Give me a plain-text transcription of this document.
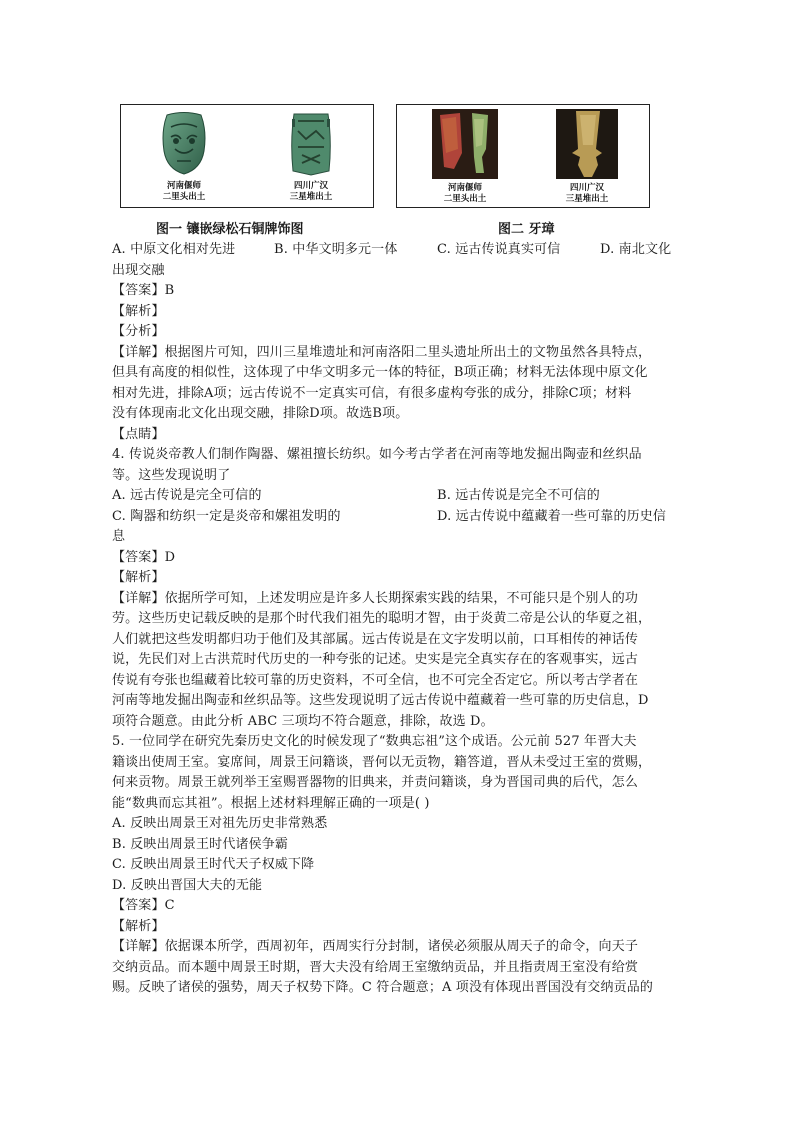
河南偃师
二里头出土
四川广汉
三星堆出土
河南偃师
二里头出土
四川广汉
三星堆出土
图一 镶嵌绿松石铜牌饰图	图二 牙璋
A. 中原文化相对先进	B. 中华文明多元一体	C. 远古传说真实可信	D. 南北文化
出现交融
【答案】B
【解析】
【分析】
【详解】根据图片可知，四川三星堆遗址和河南洛阳二里头遗址所出土的文物虽然各具特点，
但具有高度的相似性，这体现了中华文明多元一体的特征，B项正确；材料无法体现中原文化
相对先进，排除A项；远古传说不一定真实可信，有很多虚构夸张的成分，排除C项；材料
没有体现南北文化出现交融，排除D项。故选B项。
【点睛】
4. 传说炎帝教人们制作陶器、嫘祖擅长纺织。如今考古学者在河南等地发掘出陶壶和丝织品
等。这些发现说明了
A. 远古传说是完全可信的	B. 远古传说是完全不可信的
C. 陶器和纺织一定是炎帝和嫘祖发明的	D. 远古传说中蕴藏着一些可靠的历史信
息
【答案】D
【解析】
【详解】依据所学可知，上述发明应是许多人长期探索实践的结果，不可能只是个别人的功
劳。这些历史记载反映的是那个时代我们祖先的聪明才智，由于炎黄二帝是公认的华夏之祖，
人们就把这些发明都归功于他们及其部属。远古传说是在文字发明以前，口耳相传的神话传
说，先民们对上古洪荒时代历史的一种夸张的记述。史实是完全真实存在的客观事实，远古
传说有夸张也缊藏着比较可靠的历史资料，不可全信，也不可完全否定它。所以考古学者在
河南等地发掘出陶壶和丝织品等。这些发现说明了远古传说中蕴藏着一些可靠的历史信息，D
项符合题意。由此分析 ABC 三项均不符合题意，排除，故选 D。
5. 一位同学在研究先秦历史文化的时候发现了“数典忘祖”这个成语。公元前 527 年晋大夫
籍谈出使周王室。宴席间，周景王问籍谈，晋何以无贡物，籍答道，晋从未受过王室的赏赐，
何来贡物。周景王就列举王室赐晋器物的旧典来，并责问籍谈，身为晋国司典的后代，怎么
能“数典而忘其祖”。根据上述材料理解正确的一项是( )
A. 反映出周景王对祖先历史非常熟悉
B. 反映出周景王时代诸侯争霸
C. 反映出周景王时代天子权威下降
D. 反映出晋国大夫的无能
【答案】C
【解析】
【详解】依据课本所学，西周初年，西周实行分封制，诸侯必须服从周天子的命令，向天子
交纳贡品。而本题中周景王时期，晋大夫没有给周王室缴纳贡品，并且指责周王室没有给赏
赐。反映了诸侯的强势，周天子权势下降。C 符合题意；A 项没有体现出晋国没有交纳贡品的
